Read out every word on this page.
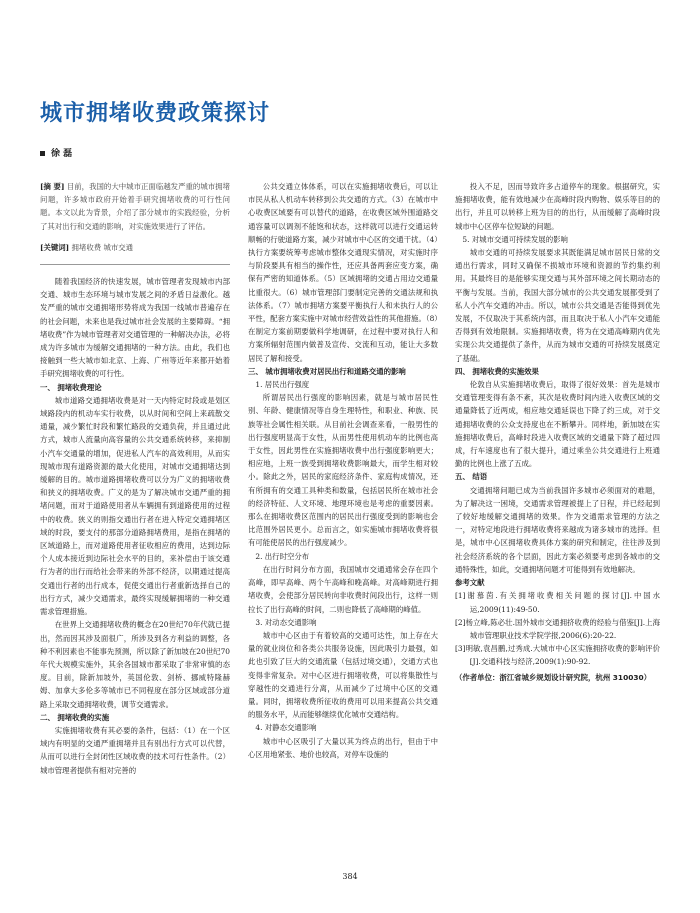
城市拥堵收费政策探讨
徐 磊

[摘 要] 目前，我国的大中城市正面临越发严重的城市拥堵问题，许多城市政府开始着手研究拥堵收费的可行性问题。本文以此为背景，介绍了部分城市的实践经验，分析了其对出行和交通的影响，对实施效果进行了评估。

[关键词] 拥堵收费 城市交通

随着我国经济的快速发展，城市管理者发现城市内部交通、城市生态环境与城市发展之间的矛盾日益激化。越发严重的城市交通拥堵形势将成为我国一线城市普遍存在的社会问题，未来也是我过城市社会发展的主要障碍。“拥堵收费”作为城市管理者对交通管理的一种解决办法，必将成为许多城市为缓解交通拥堵的一种方法。由此，我们也接触到一些大城市如北京、上海、广州等近年来都开始着手研究拥堵收费的可行性。

一、 拥堵收费理论

城市道路交通拥堵收费是对一天内特定时段或是划区域路段内的机动车实行收费，以从时间和空间上来疏散交通量，减少繁忙时段和繁忙路段的交通负荷，并且通过此方式，城市人流量向高容量的公共交通系统转移，来抑制小汽车交通量的增加，促进私人汽车的高效利用，从而实现城市现有道路资源的最大化使用，对城市交通拥堵达到缓解的目的。城市道路拥堵收费可以分为广义的拥堵收费和狭义的拥堵收费。广义的是为了解决城市交通严重的拥堵问题，而对于道路使用者从车辆拥有到道路使用的过程中的收费。狭义的则指交通出行者在进入特定交通拥堵区域的时段，要支付的那部分道路拥堵费用，是指在拥堵的区域道路上，而对道路使用者征收相应的费用，达到边际个人成本接近到边际社会水平的目的，来补偿由于该交通行为者的出行而给社会带来的外部不经济，以期通过提高交通出行者的出行成本，促使交通出行者重新选择自己的出行方式，减少交通需求，最终实现缓解拥堵的一种交通需求管理措施。

在世界上交通拥堵收费的概念在20世纪70年代就已提出，然而因其涉及面很广，所涉及到各方利益的调整，各种不利因素也不能事先预测，所以除了新加坡在20世纪70年代大规模实施外，其余各国城市都采取了非常审慎的态度。目前，除新加坡外，英国伦敦、剑桥、挪威特隆赫姆、加拿大多伦多等城市已不同程度在部分区域或部分道路上采取交通拥堵收费，调节交通需求。

二、 拥堵收费的实施

实施拥堵收费有其必要的条件，包括：（1）在一个区域内有明显的交通严重拥堵并且有别出行方式可以代替，从而可以进行全封闭性区域收费的技术可行性条件。（2）城市管理者提供有相对完善的

公共交通立体体系，可以在实施拥堵收费后，可以让市民从私人机动车转移到公共交通的方式。（3）在城市中心收费区域要有可以替代的道路，在收费区域外围道路交通容量可以调剂不能饱和状态，这样就可以进行交通运转顺畅的行驶道路方案，减少对城市中心区的交通干扰。（4）执行方案要统筹考虑城市整体交通现实情况，对实施时序与阶段要具有相当的操作性，还应具备两套应变方案，确保有严密的知道体系。（5）区域拥堵的交通占用边交通量比重很大。（6）城市管理部门要制定完善的交通法规和执法体系。（7）城市拥堵方案要平衡执行人和未执行人的公平性，配套方案实施中对城市经营效益性的其他措施。（8）在制定方案前期要做科学地调研，在过程中要对执行人和方案所辐射范围内做普及宣传、交流和互动，能让大多数居民了解和接受。

三、 城市拥堵收费对居民出行和道路交通的影响

1. 居民出行强度

所谓居民出行强度的影响因素，就是与城市居民性别、年龄、健康情况等自身生理特性，和职业、种族、民族等社会属性相关联。从目前社会调查来看，一般男性的出行强度明显高于女性，从而男性使用机动车的比例也高于女性，因此男性在实施拥堵收费中出行强度影响更大；相应地，上班一族受到拥堵收费影响最大，而学生相对较小。除此之外，居民的家庭经济条件、家庭构成情况，还有所拥有的交通工具种类和数量，包括居民所在城市社会的经济特征、人文环境、地理环境也是考虑的重要因素。那么在拥堵收费区范围内的居民出行强度受到的影响也会比范围外居民更小。总而言之，如实施城市拥堵收费将很有可能使居民的出行强度减少。

2. 出行时空分布

在出行时间分布方面，我国城市交通通常会存在四个高峰，即早高峰、两个午高峰和晚高峰。对高峰期进行拥堵收费，会使部分居民转向非收费时间段出行，这样一则拉长了出行高峰的时间，二则也降低了高峰期的峰值。

3. 对动态交通影响

城市中心区由于有着较高的交通可达性，加上存在大量的就业岗位和各类公共服务设施，因此吸引力最强，如此也引致了巨大的交通流量（包括过境交通），交通方式也变得非常复杂。对中心区进行拥堵收费，可以将集散性与穿越性的交通进行分离，从而减少了过境中心区的交通量。同时，拥堵收费所征收的费用可以用来提高公共交通的服务水平，从而能够继续优化城市交通结构。

4. 对静态交通影响

城市中心区吸引了大量以其为终点的出行，但由于中心区用地紧张、地价也较高，对停车设施的

投入不足，因而导致许多占道停车的现象。根据研究，实施拥堵收费，能有效地减少在高峰时段内购物、娱乐等目的的出行，并且可以转移上班为目的的出行，从而缓解了高峰时段城市中心区停车位短缺的问题。

5. 对城市交通可持续发展的影响

城市交通的可持续发展要求其既能满足城市居民日常的交通出行需求，同时又确保不损城市环境和资源的节约集约利用。其最终目的是能够实现交通与其外部环境之间长期动态的平衡与发展。当前，我国大部分城市的公共交通发展都受到了私人小汽车交通的冲击。所以，城市公共交通是否能得到优先发展，不仅取决于其系统内部，而且取决于私人小汽车交通能否得到有效地限制。实施拥堵收费，将为在交通高峰期内优先实现公共交通提供了条件，从而为城市交通的可持续发展奠定了基础。

四、 拥堵收费的实施效果

伦敦自从实施拥堵收费后，取得了很好效果：首先是城市交通管理变得有条不紊，其次是收费时间内进入收费区域的交通量降低了近两成，相应地交通延误也下降了约三成，对于交通拥堵收费的公众支持度也在不断攀升。同样地，新加坡在实施拥堵收费后，高峰时段进入收费区域的交通量下降了超过四成，行车速度也有了很大提升，通过乘坐公共交通进行上班通勤的比例也上涨了五成。

五、 结语

交通拥堵问题已成为当前我国许多城市必须面对的难题，为了解决这一困境，交通需求管理被提上了日程，并已经起到了较好地缓解交通拥堵的效果。作为交通需求管理的方法之一，对特定地段进行拥堵收费将来越成为诸多城市的选择。但是，城市中心区拥堵收费具体方案的研究和制定，往往涉及到社会经济系统的各个层面，因此方案必须要考虑到各城市的交通特殊性，如此，交通拥堵问题才可能得到有效地解决。

参考文献

[1]谢慕茵.有关拥堵收费相关问题的探讨[J].中国水运,2009(11):49-50.

[2]杨立峰,陈必壮.国外城市交通拥挤收费的经验与借鉴[J].上海城市管理职业技术学院学报,2006(6):20-22.

[3]明敏,袁昌鹏,过秀成.大城市中心区实施拥挤收费的影响评价[J].交通科技与经济,2009(1):90-92.

（作者单位：浙江省城乡规划设计研究院，杭州 310030）

384
